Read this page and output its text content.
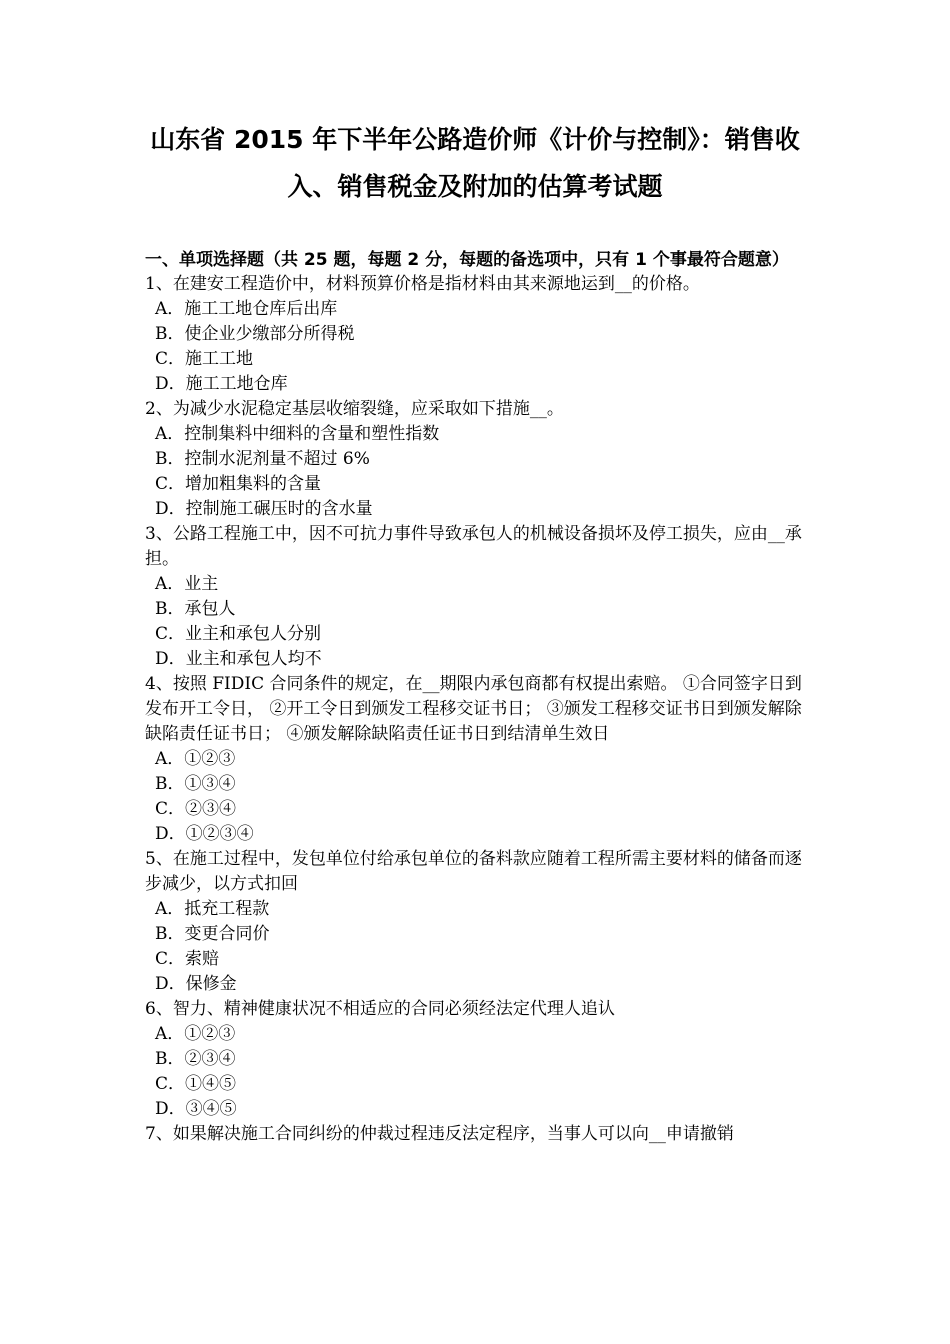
山东省 2015 年下半年公路造价师《计价与控制》：销售收
入、销售税金及附加的估算考试题
一、单项选择题（共 25 题，每题 2 分，每题的备选项中，只有 1 个事最符合题意）

1、在建安工程造价中，材料预算价格是指材料由其来源地运到__的价格。

A．施工工地仓库后出库

B．使企业少缴部分所得税

C．施工工地

D．施工工地仓库

2、为减少水泥稳定基层收缩裂缝，应采取如下措施__。

A．控制集料中细料的含量和塑性指数

B．控制水泥剂量不超过 6%

C．增加粗集料的含量

D．控制施工碾压时的含水量

3、公路工程施工中，因不可抗力事件导致承包人的机械设备损坏及停工损失，应由__承担。

A．业主

B．承包人

C．业主和承包人分别

D．业主和承包人均不

4、按照 FIDIC 合同条件的规定，在__期限内承包商都有权提出索赔。 ①合同签字日到发布开工令日， ②开工令日到颁发工程移交证书日； ③颁发工程移交证书日到颁发解除缺陷责任证书日； ④颁发解除缺陷责任证书日到结清单生效日

A．①②③

B．①③④

C．②③④

D．①②③④

5、在施工过程中，发包单位付给承包单位的备料款应随着工程所需主要材料的储备而逐步减少，以方式扣回

A．抵充工程款

B．变更合同价

C．索赔

D．保修金

6、智力、精神健康状况不相适应的合同必须经法定代理人追认

A．①②③

B．②③④

C．①④⑤

D．③④⑤

7、如果解决施工合同纠纷的仲裁过程违反法定程序，当事人可以向__申请撤销
